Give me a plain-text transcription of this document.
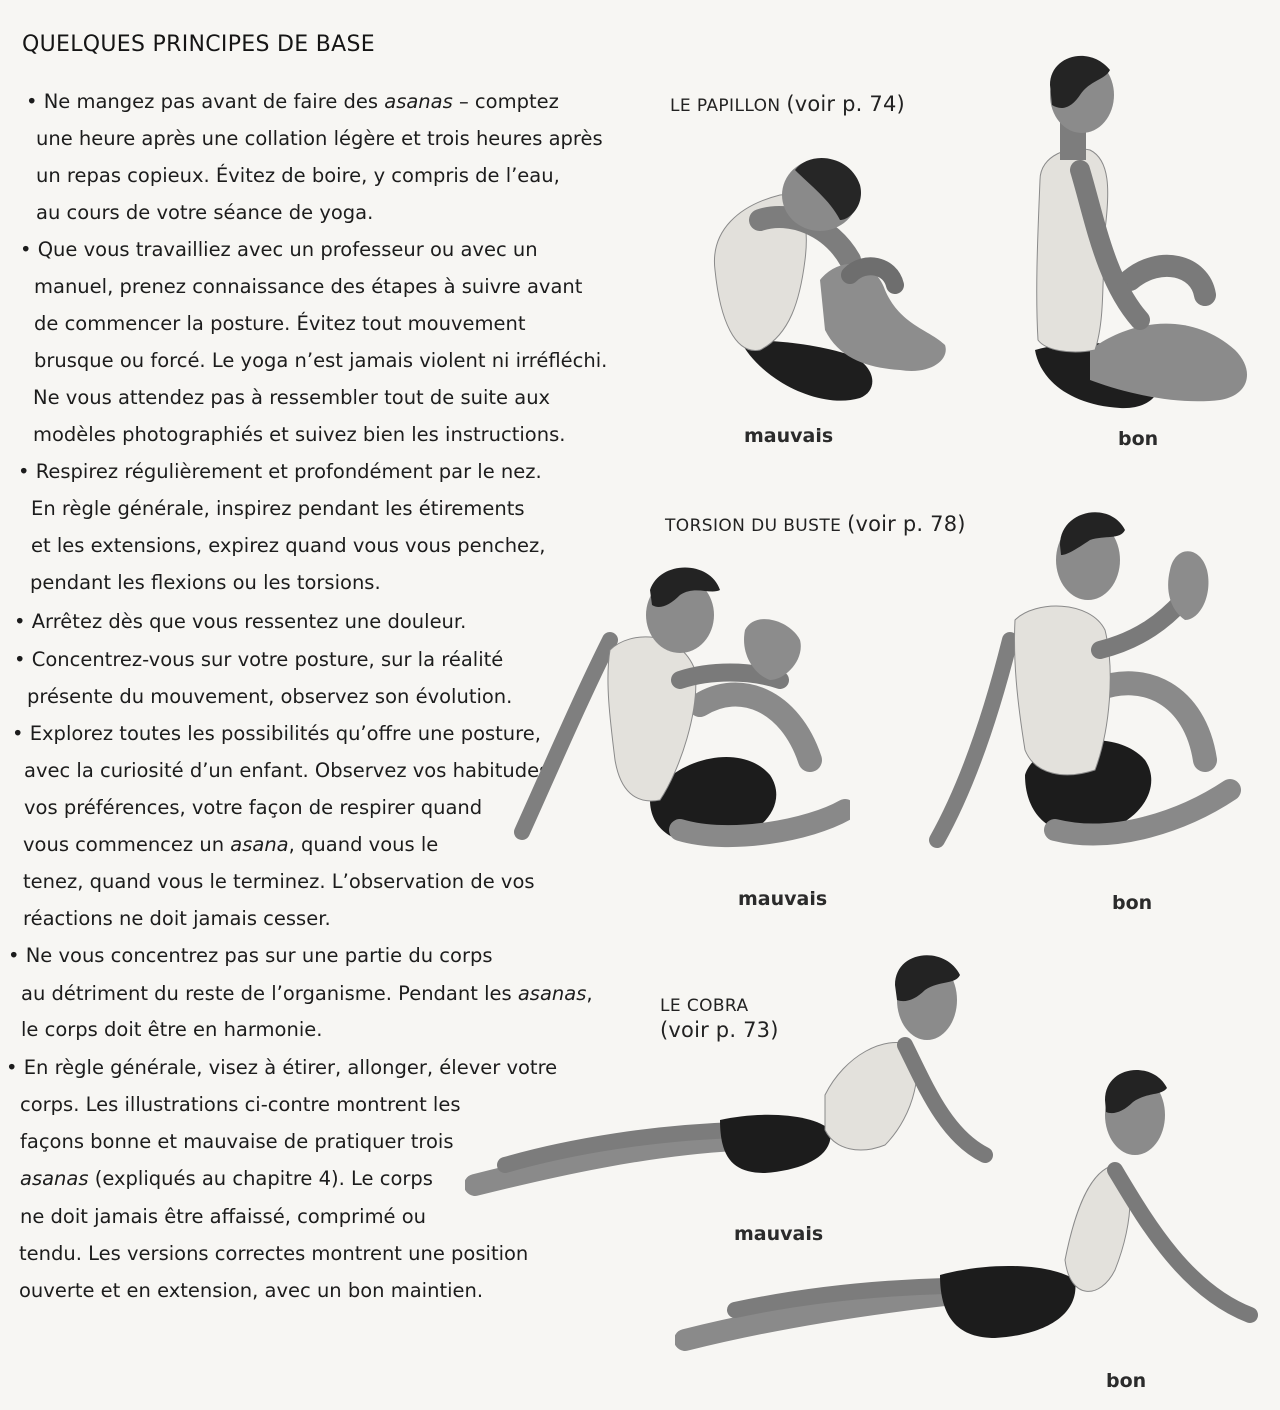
QUELQUES PRINCIPES DE BASE
• Ne mangez pas avant de faire des asanas – comptez
une heure après une collation légère et trois heures après
un repas copieux. Évitez de boire, y compris de l’eau,
au cours de votre séance de yoga.
• Que vous travailliez avec un professeur ou avec un
manuel, prenez connaissance des étapes à suivre avant
de commencer la posture. Évitez tout mouvement
brusque ou forcé. Le yoga n’est jamais violent ni irréfléchi.
Ne vous attendez pas à ressembler tout de suite aux
modèles photographiés et suivez bien les instructions.
• Respirez régulièrement et profondément par le nez.
En règle générale, inspirez pendant les étirements
et les extensions, expirez quand vous vous penchez,
pendant les flexions ou les torsions.
• Arrêtez dès que vous ressentez une douleur.
• Concentrez-vous sur votre posture, sur la réalité
présente du mouvement, observez son évolution.
• Explorez toutes les possibilités qu’offre une posture,
avec la curiosité d’un enfant. Observez vos habitudes,
vos préférences, votre façon de respirer quand
vous commencez un asana, quand vous le
tenez, quand vous le terminez. L’observation de vos
réactions ne doit jamais cesser.
• Ne vous concentrez pas sur une partie du corps
au détriment du reste de l’organisme. Pendant les asanas,
le corps doit être en harmonie.
• En règle générale, visez à étirer, allonger, élever votre
corps. Les illustrations ci-contre montrent les
façons bonne et mauvaise de pratiquer trois
asanas (expliqués au chapitre 4). Le corps
ne doit jamais être affaissé, comprimé ou
tendu. Les versions correctes montrent une position
ouverte et en extension, avec un bon maintien.
LE PAPILLON (voir p. 74)
mauvais	bon
TORSION DU BUSTE (voir p. 78)
mauvais	bon
LE COBRA
(voir p. 73)
mauvais
bon
